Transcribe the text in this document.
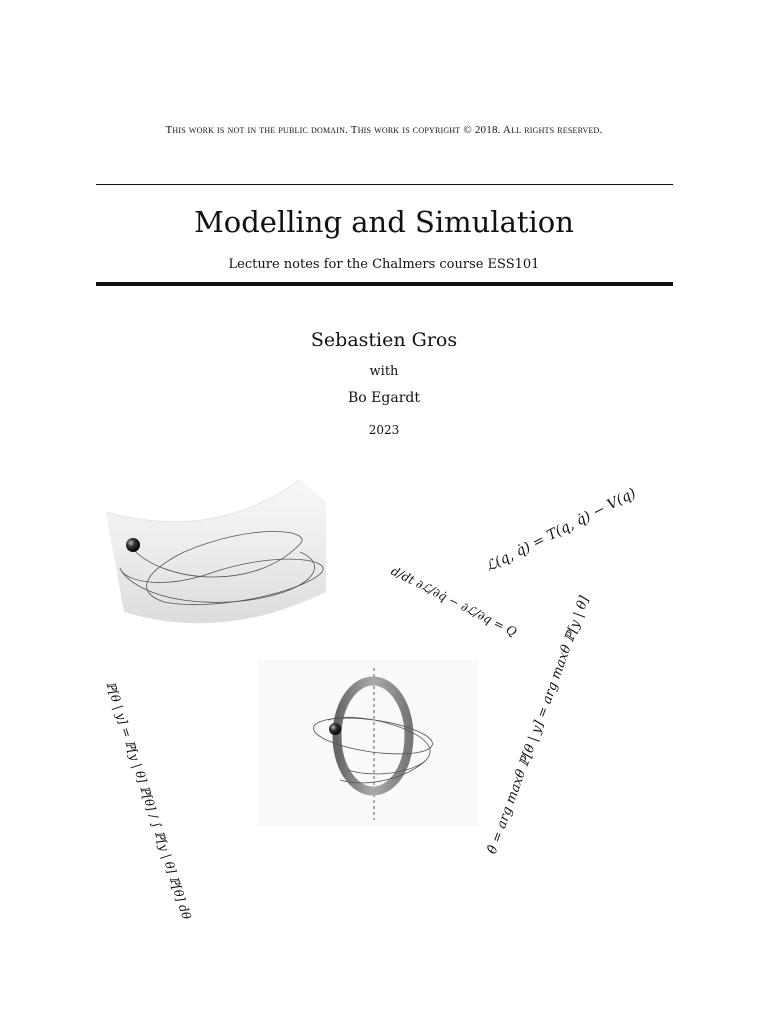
This work is not in the public domain. This work is copyright © 2018. All rights reserved.
Modelling and Simulation
Lecture notes for the Chalmers course ESS101
Sebastien Gros
with
Bo Egardt
2023
ℒ(q, q̇) = T(q, q̇) − V(q)
d/dt ∂ℒ/∂q̇ − ∂ℒ/∂q = Q
ℙ[θ | y] = ℙ[y | θ] ℙ[θ] / ∫ ℙ[y | θ] ℙ[θ] dθ	θ̂ = arg maxθ ℙ[θ | y] = arg maxθ ℙ[y | θ]
